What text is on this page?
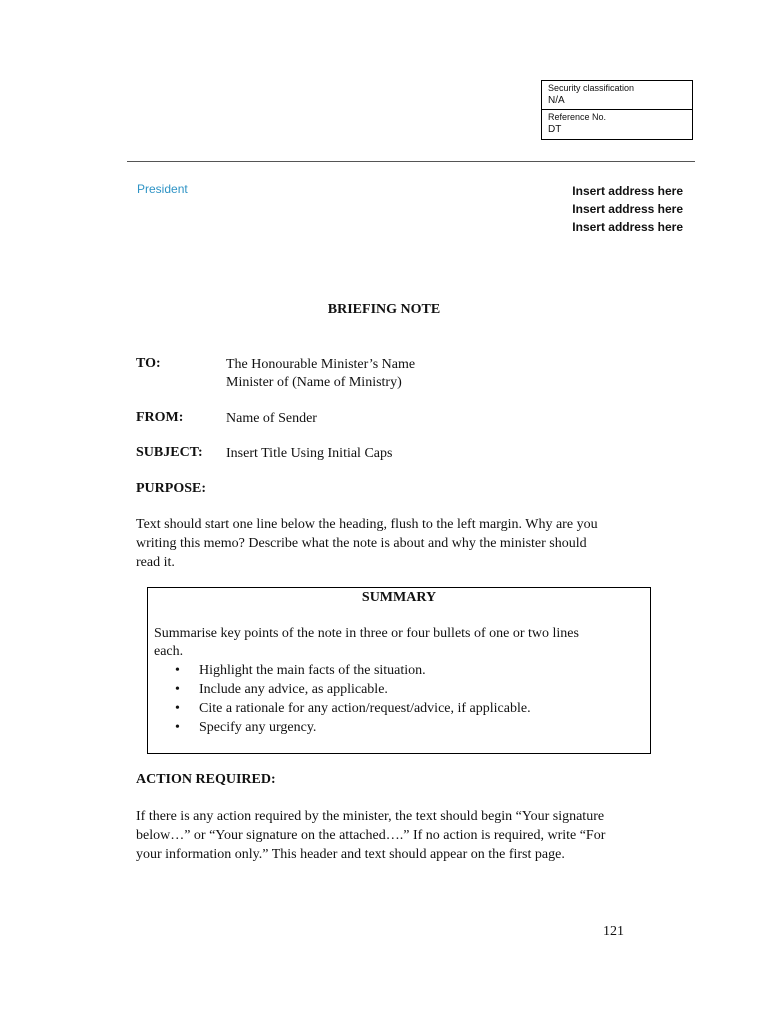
Security classification
N/A
Reference No.
DT
President	Insert address here
Insert address here
Insert address here
BRIEFING NOTE
TO:	The Honourable Minister’s Name
Minister of (Name of Ministry)
FROM:	Name of Sender
SUBJECT: Insert Title Using Initial Caps
PURPOSE:
Text should start one line below the heading, flush to the left margin. Why are you
writing this memo? Describe what the note is about and why the minister should
read it.
SUMMARY
Summarise key points of the note in three or four bullets of one or two lines
each.
• Highlight the main facts of the situation.
• Include any advice, as applicable.
• Cite a rationale for any action/request/advice, if applicable.
• Specify any urgency.
ACTION REQUIRED:
If there is any action required by the minister, the text should begin “Your signature
below…” or “Your signature on the attached….” If no action is required, write “For
your information only.” This header and text should appear on the first page.
121
